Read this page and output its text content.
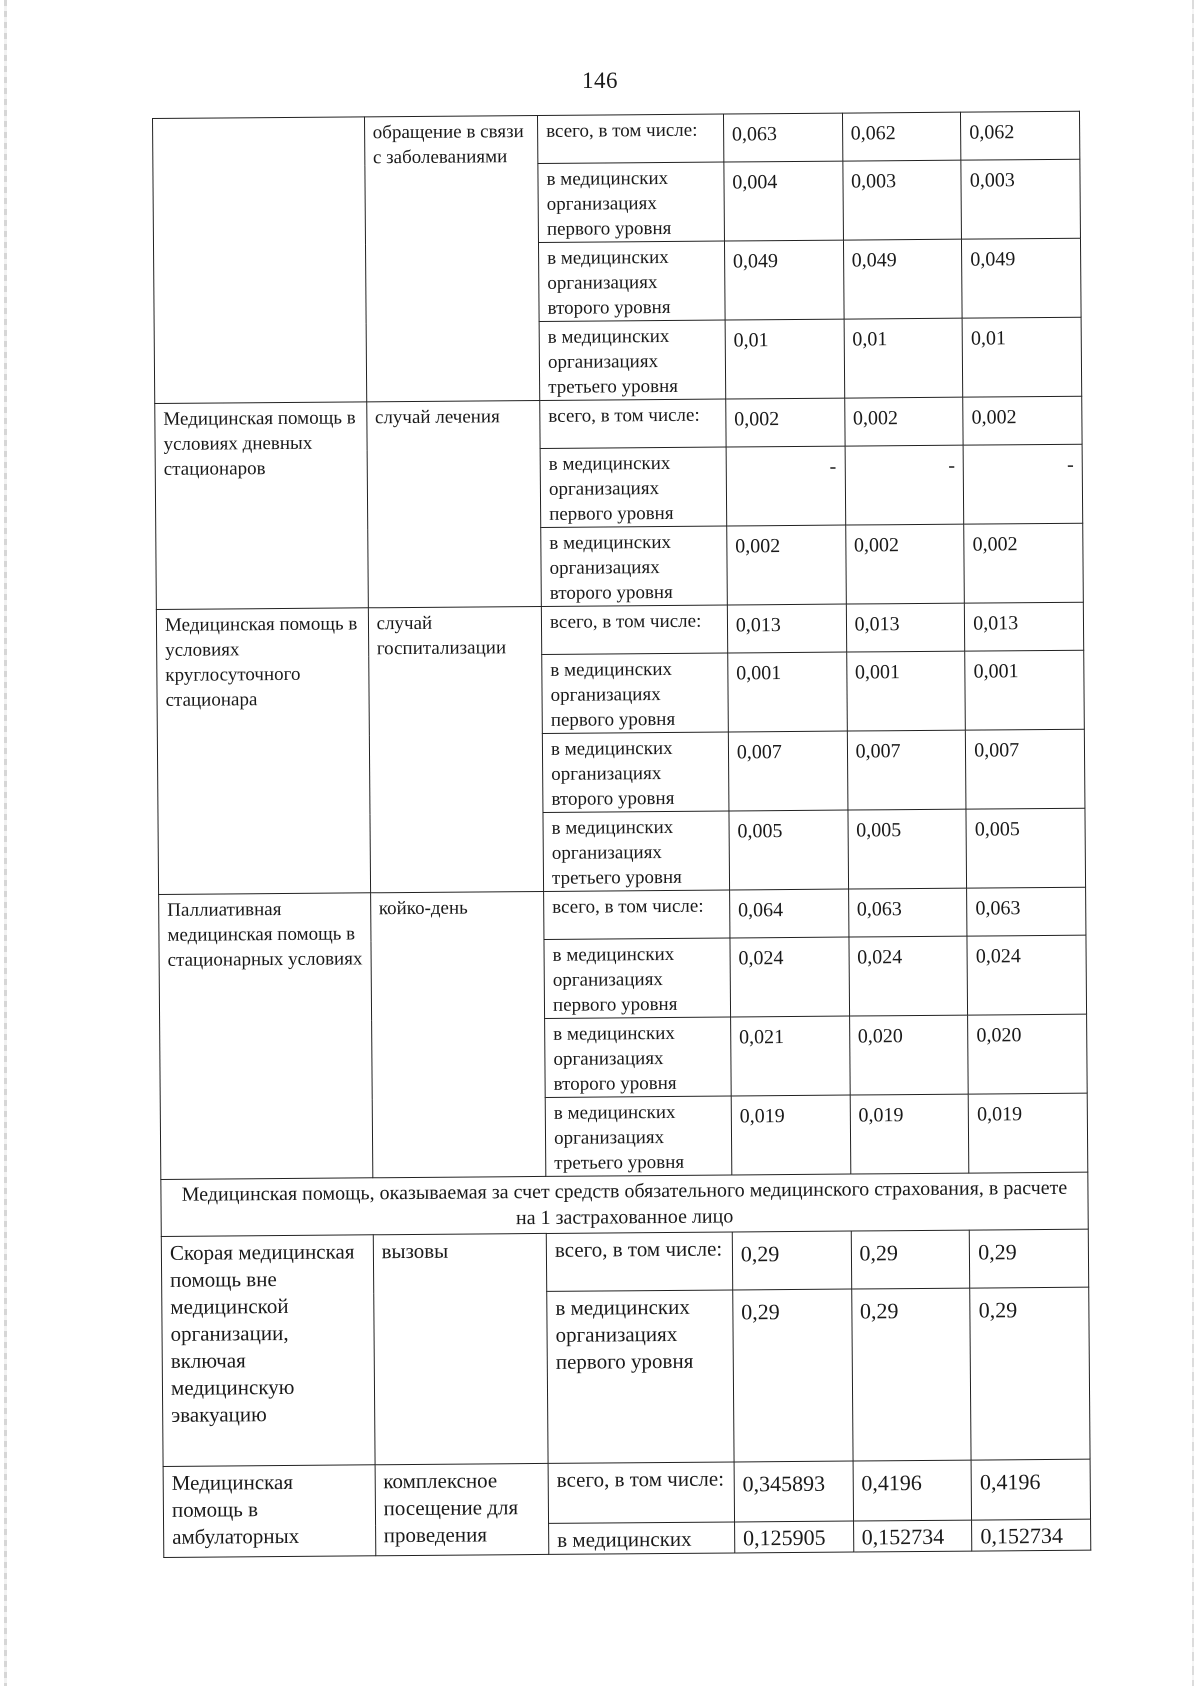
146
	обращение в связи с заболеваниями	всего, в том числе:	0,063	0,062	0,062
		в медицинских организациях первого уровня	0,004	0,003	0,003
		в медицинских организациях второго уровня	0,049	0,049	0,049
		в медицинских организациях третьего уровня	0,01	0,01	0,01
Медицинская помощь в условиях дневных стационаров	случай лечения	всего, в том числе:	0,002	0,002	0,002
		в медицинских организациях первого уровня	-	-	-
		в медицинских организациях второго уровня	0,002	0,002	0,002
Медицинская помощь в условиях круглосуточного стационара	случай госпитализации	всего, в том числе:	0,013	0,013	0,013
		в медицинских организациях первого уровня	0,001	0,001	0,001
		в медицинских организациях второго уровня	0,007	0,007	0,007
		в медицинских организациях третьего уровня	0,005	0,005	0,005
Паллиативная медицинская помощь в стационарных условиях	койко-день	всего, в том числе:	0,064	0,063	0,063
		в медицинских организациях первого уровня	0,024	0,024	0,024
		в медицинских организациях второго уровня	0,021	0,020	0,020
		в медицинских организациях третьего уровня	0,019	0,019	0,019
Медицинская помощь, оказываемая за счет средств обязательного медицинского страхования, в расчете на 1 застрахованное лицо					
Скорая медицинская помощь вне медицинской организации, включая медицинскую эвакуацию	вызовы	всего, в том числе:	0,29	0,29	0,29
		в медицинских организациях первого уровня	0,29	0,29	0,29
Медицинская помощь в амбулаторных	комплексное посещение для проведения	всего, в том числе:	0,345893	0,4196	0,4196
		в медицинских	0,125905	0,152734	0,152734
